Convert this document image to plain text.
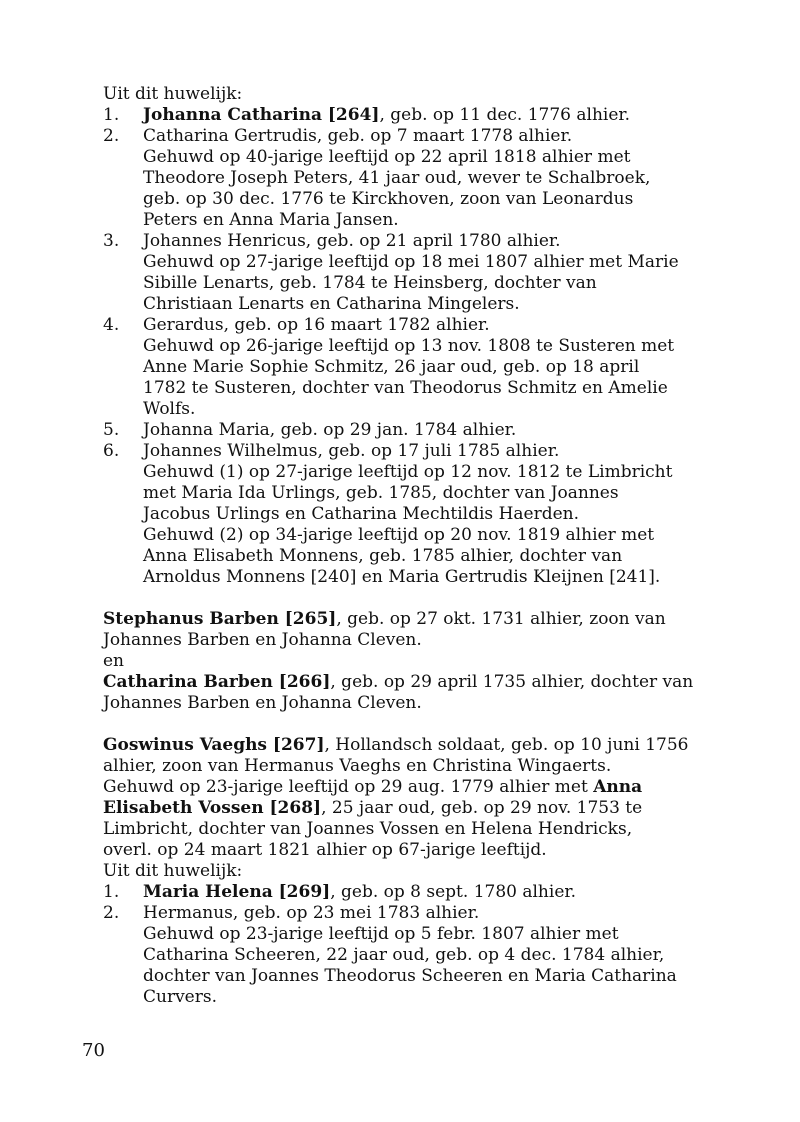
Uit dit huwelijk:
1.	Johanna Catharina [264], geb. op 11 dec. 1776 alhier.

2.	Catharina Gertrudis, geb. op 7 maart 1778 alhier.

Gehuwd op 40-jarige leeftijd op 22 april 1818 alhier met

Theodore Joseph Peters, 41 jaar oud, wever te Schalbroek,

geb. op 30 dec. 1776 te Kirckhoven, zoon van Leonardus

Peters en Anna Maria Jansen.

3.	Johannes Henricus, geb. op 21 april 1780 alhier.

Gehuwd op 27-jarige leeftijd op 18 mei 1807 alhier met Marie

Sibille Lenarts, geb. 1784 te Heinsberg, dochter van

Christiaan Lenarts en Catharina Mingelers.

4.	Gerardus, geb. op 16 maart 1782 alhier.

Gehuwd op 26-jarige leeftijd op 13 nov. 1808 te Susteren met

Anne Marie Sophie Schmitz, 26 jaar oud, geb. op 18 april

1782 te Susteren, dochter van Theodorus Schmitz en Amelie

Wolfs.

5.	Johanna Maria, geb. op 29 jan. 1784 alhier.

6.	Johannes Wilhelmus, geb. op 17 juli 1785 alhier.

Gehuwd (1) op 27-jarige leeftijd op 12 nov. 1812 te Limbricht

met Maria Ida Urlings, geb. 1785, dochter van Joannes

Jacobus Urlings en Catharina Mechtildis Haerden.

Gehuwd (2) op 34-jarige leeftijd op 20 nov. 1819 alhier met

Anna Elisabeth Monnens, geb. 1785 alhier, dochter van

Arnoldus Monnens [240] en Maria Gertrudis Kleijnen [241].

Stephanus Barben [265], geb. op 27 okt. 1731 alhier, zoon van

Johannes Barben en Johanna Cleven.

en

Catharina Barben [266], geb. op 29 april 1735 alhier, dochter van

Johannes Barben en Johanna Cleven.

Goswinus Vaeghs [267], Hollandsch soldaat, geb. op 10 juni 1756

alhier, zoon van Hermanus Vaeghs en Christina Wingaerts.

Gehuwd op 23-jarige leeftijd op 29 aug. 1779 alhier met Anna

Elisabeth Vossen [268], 25 jaar oud, geb. op 29 nov. 1753 te

Limbricht, dochter van Joannes Vossen en Helena Hendricks,

overl. op 24 maart 1821 alhier op 67-jarige leeftijd.

Uit dit huwelijk:
1.	Maria Helena [269], geb. op 8 sept. 1780 alhier.

2.	Hermanus, geb. op 23 mei 1783 alhier.

Gehuwd op 23-jarige leeftijd op 5 febr. 1807 alhier met

Catharina Scheeren, 22 jaar oud, geb. op 4 dec. 1784 alhier,

dochter van Joannes Theodorus Scheeren en Maria Catharina

Curvers.

70
